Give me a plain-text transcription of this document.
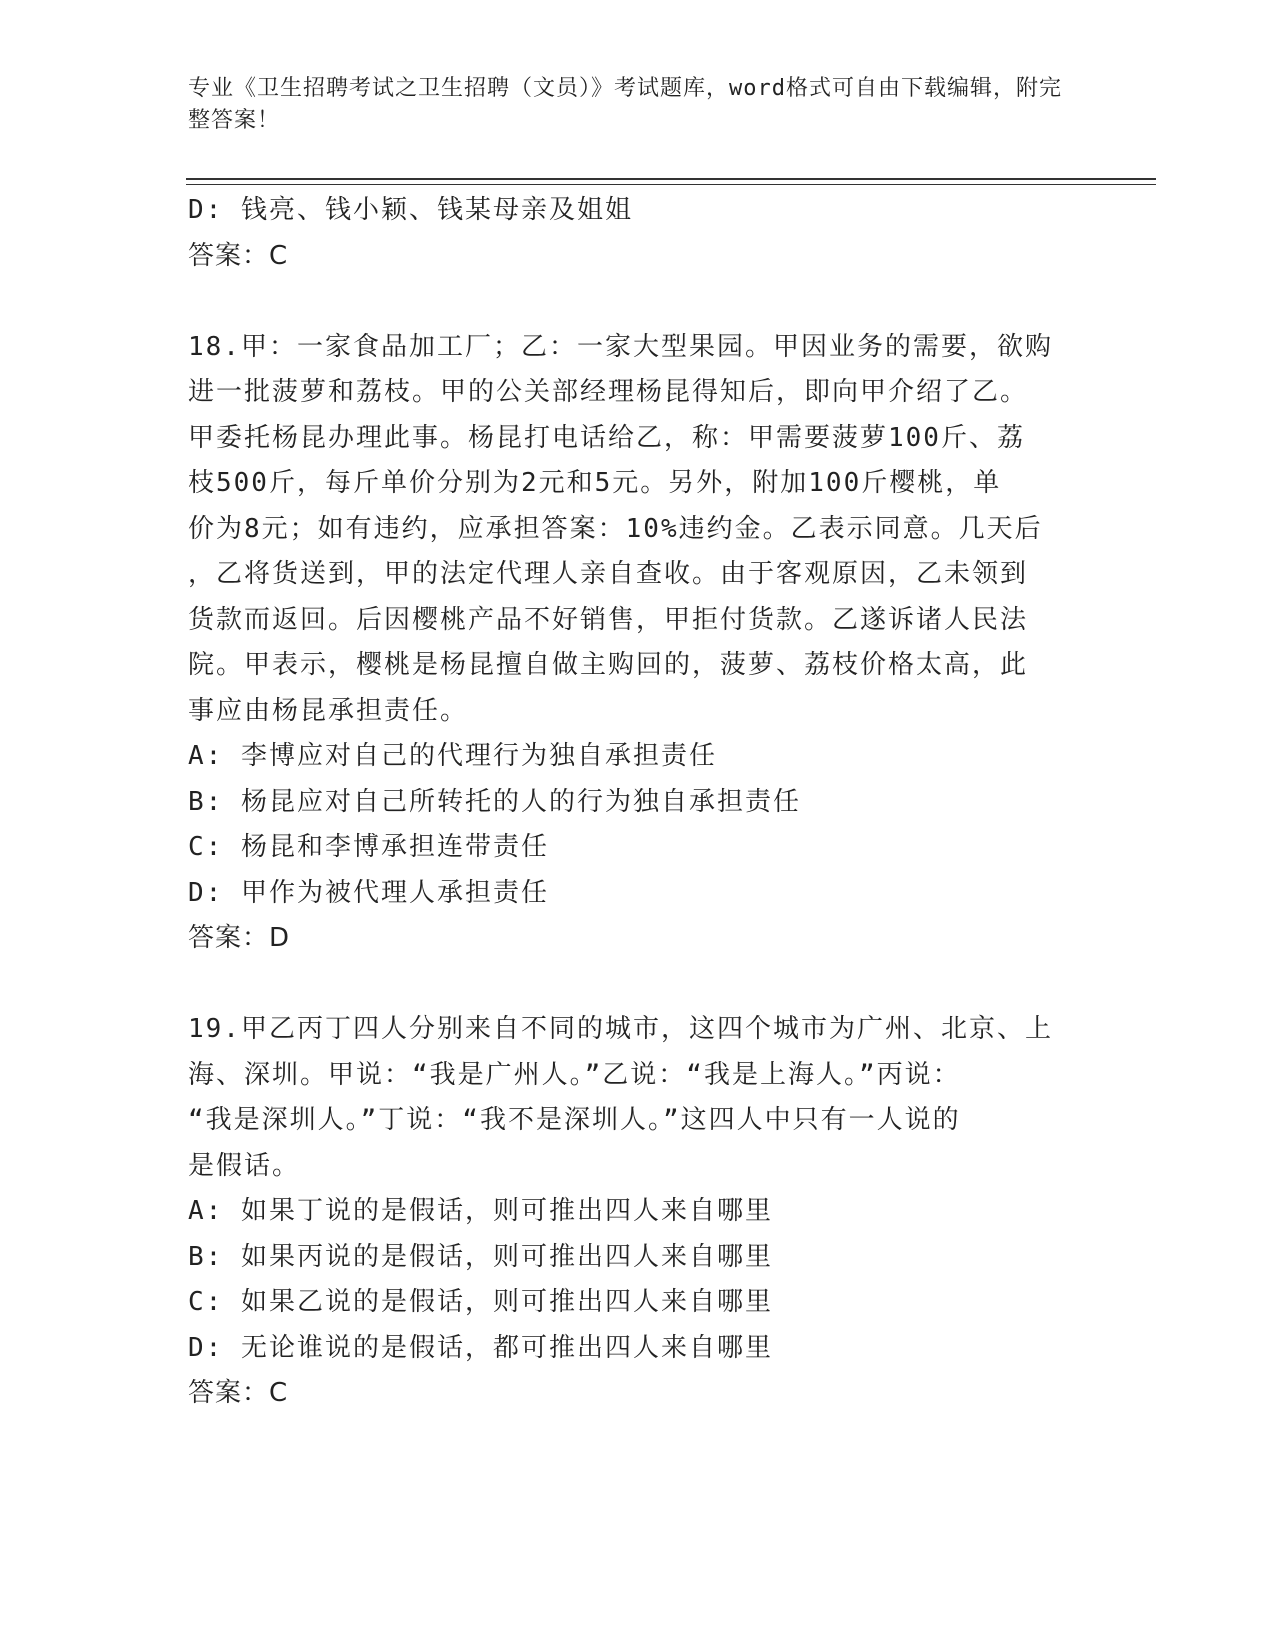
专业《卫生招聘考试之卫生招聘（文员）》考试题库，word格式可自由下载编辑，附完整答案！
D: 钱亮、钱小颖、钱某母亲及姐姐
答案：C
18.甲：一家食品加工厂；乙：一家大型果园。甲因业务的需要，欲购
进一批菠萝和荔枝。甲的公关部经理杨昆得知后，即向甲介绍了乙。
甲委托杨昆办理此事。杨昆打电话给乙，称：甲需要菠萝100斤、荔
枝500斤，每斤单价分别为2元和5元。另外，附加100斤樱桃，单
价为8元；如有违约，应承担答案：10%违约金。乙表示同意。几天后
，乙将货送到，甲的法定代理人亲自查收。由于客观原因，乙未领到
货款而返回。后因樱桃产品不好销售，甲拒付货款。乙遂诉诸人民法
院。甲表示，樱桃是杨昆擅自做主购回的，菠萝、荔枝价格太高，此
事应由杨昆承担责任。
A: 李博应对自己的代理行为独自承担责任
B: 杨昆应对自己所转托的人的行为独自承担责任
C: 杨昆和李博承担连带责任
D: 甲作为被代理人承担责任
答案：D
19.甲乙丙丁四人分别来自不同的城市，这四个城市为广州、北京、上
海、深圳。甲说：“我是广州人。”乙说：“我是上海人。”丙说：
“我是深圳人。”丁说：“我不是深圳人。”这四人中只有一人说的
是假话。
A: 如果丁说的是假话，则可推出四人来自哪里
B: 如果丙说的是假话，则可推出四人来自哪里
C: 如果乙说的是假话，则可推出四人来自哪里
D: 无论谁说的是假话，都可推出四人来自哪里
答案：C
